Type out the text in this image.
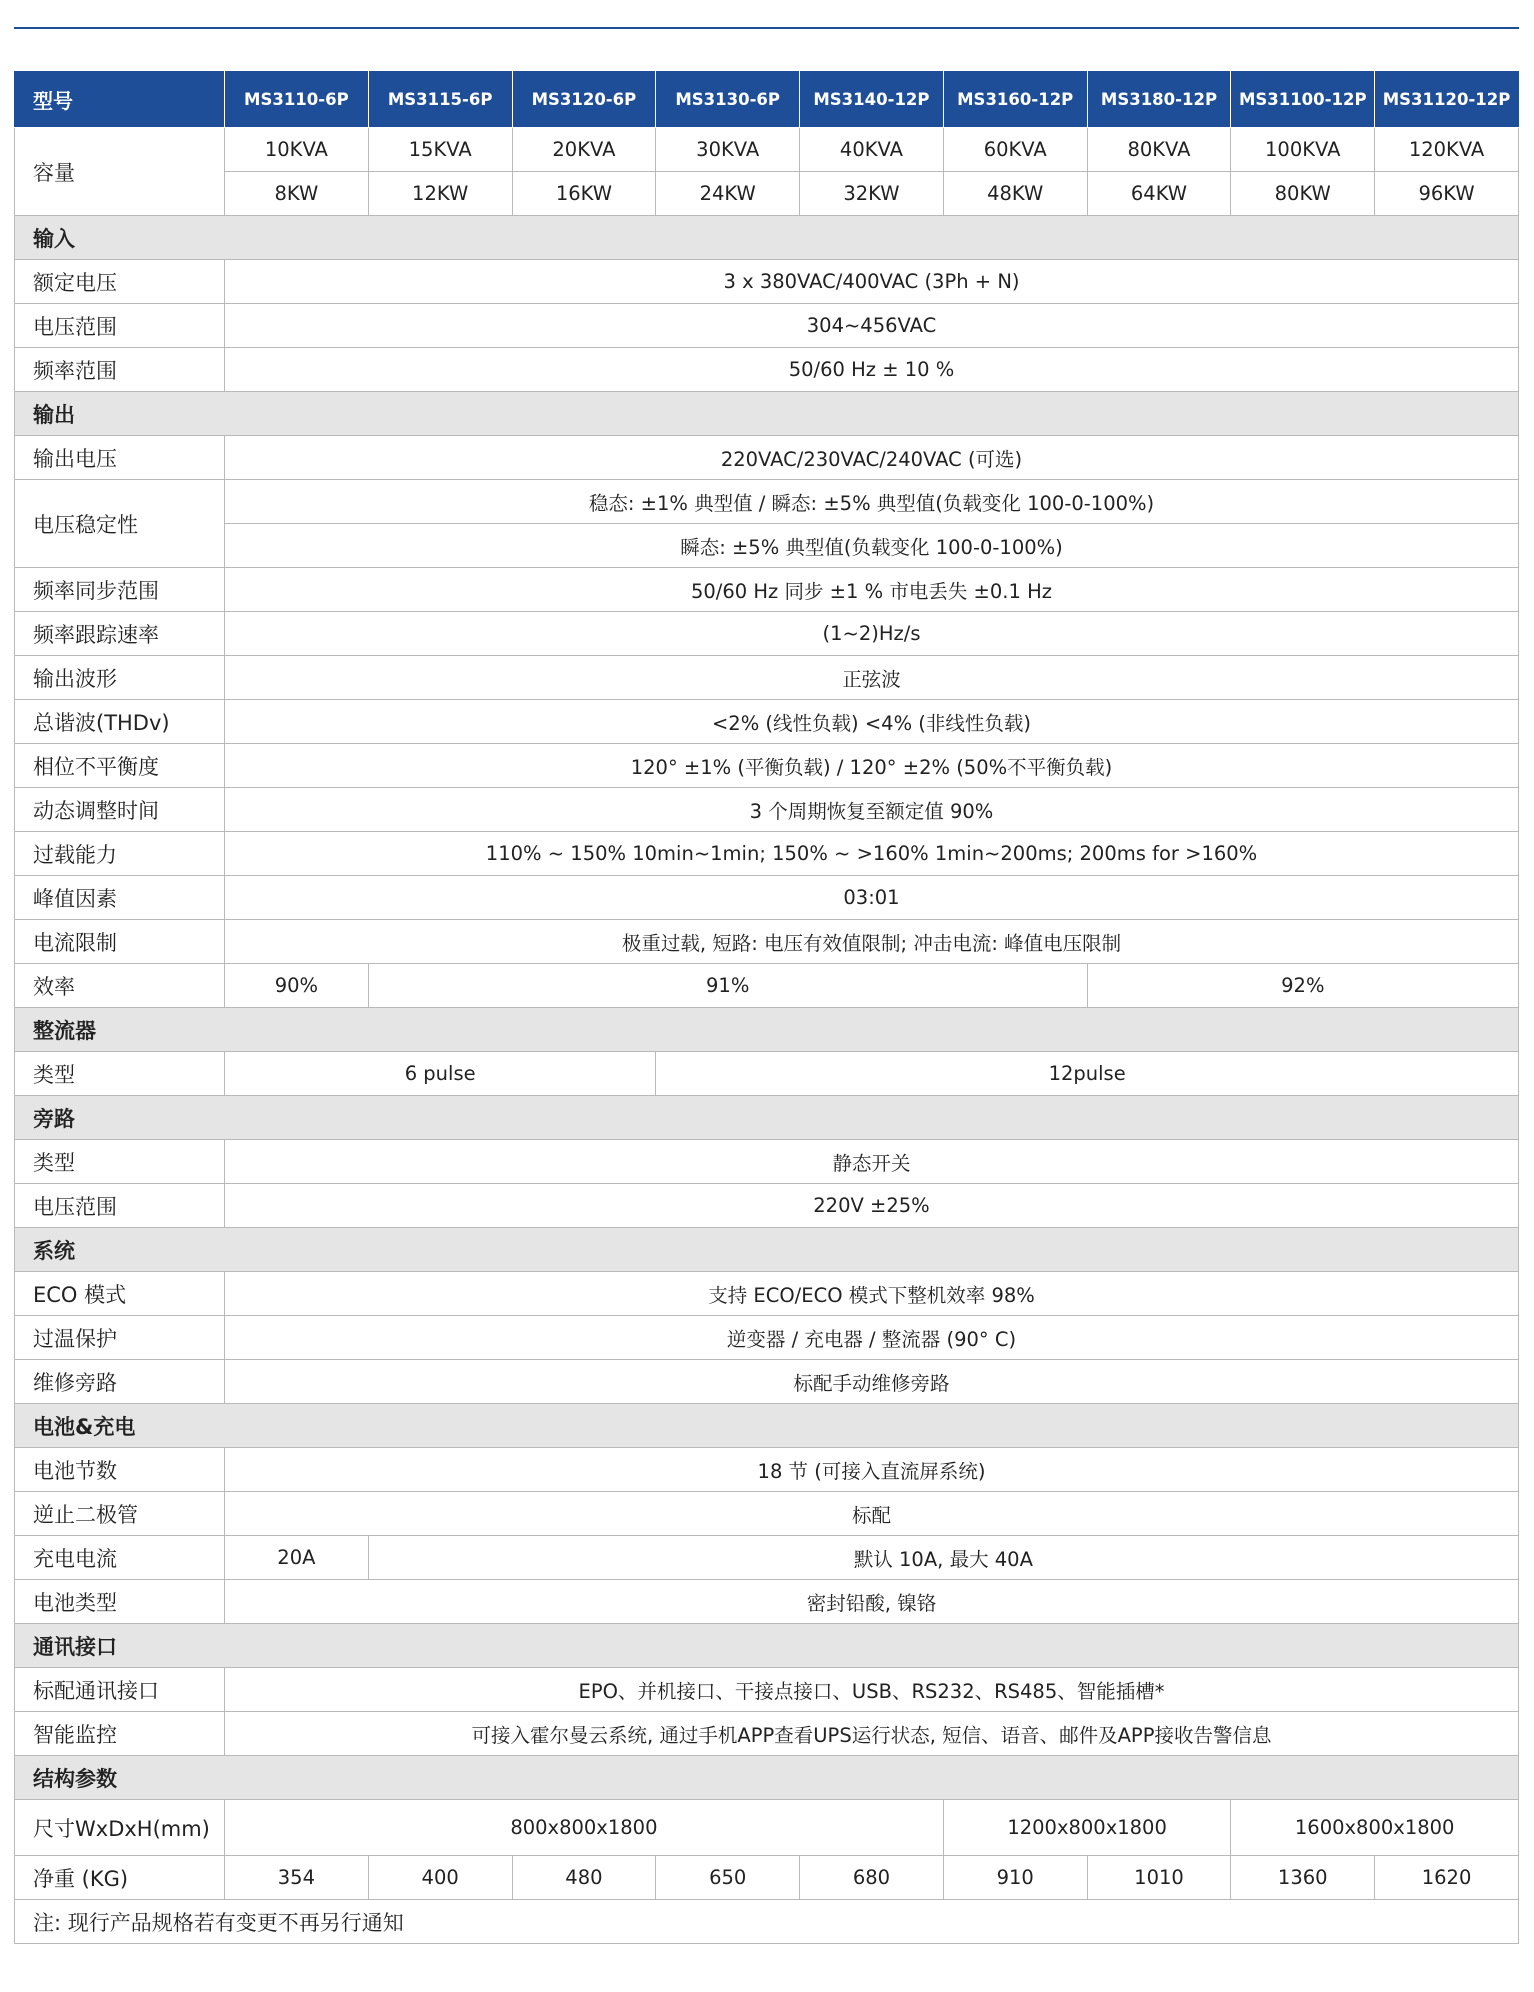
型号	MS3110-6P	MS3115-6P	MS3120-6P	MS3130-6P	MS3140-12P	MS3160-12P	MS3180-12P	MS31100-12P	MS31120-12P
容量	10KVA	15KVA	20KVA	30KVA	40KVA	60KVA	80KVA	100KVA	120KVA
	8KW	12KW	16KW	24KW	32KW	48KW	64KW	80KW	96KW
输入									
额定电压	3 x 380VAC/400VAC (3Ph + N)								
电压范围	304~456VAC								
频率范围	50/60 Hz ± 10 %								
输出									
输出电压	220VAC/230VAC/240VAC (可选)								
电压稳定性	稳态: ±1% 典型值 / 瞬态: ±5% 典型值(负载变化 100-0-100%)								
	瞬态: ±5% 典型值(负载变化 100-0-100%)								
频率同步范围	50/60 Hz 同步 ±1 % 市电丢失 ±0.1 Hz								
频率跟踪速率	(1~2)Hz/s								
输出波形	正弦波								
总谐波(THDv)	<2% (线性负载) <4% (非线性负载)								
相位不平衡度	120° ±1% (平衡负载) / 120° ±2% (50%不平衡负载)								
动态调整时间	3 个周期恢复至额定值 90%								
过载能力	110% ~ 150% 10min~1min; 150% ~ >160% 1min~200ms; 200ms for >160%								
峰值因素	03:01								
电流限制	极重过载, 短路: 电压有效值限制; 冲击电流: 峰值电压限制								
效率	90%	91%					92%		
整流器									
类型	6 pulse			12pulse					
旁路									
类型	静态开关								
电压范围	220V ±25%								
系统									
ECO 模式	支持 ECO/ECO 模式下整机效率 98%								
过温保护	逆变器 / 充电器 / 整流器 (90° C)								
维修旁路	标配手动维修旁路								
电池&充电									
电池节数	18 节 (可接入直流屏系统)								
逆止二极管	标配								
充电电流	20A	默认 10A, 最大 40A							
电池类型	密封铅酸, 镍铬								
通讯接口									
标配通讯接口	EPO、并机接口、干接点接口、USB、RS232、RS485、智能插槽*								
智能监控	可接入霍尔曼云系统, 通过手机APP查看UPS运行状态, 短信、语音、邮件及APP接收告警信息								
结构参数									
尺寸WxDxH(mm)	800x800x1800					1200x800x1800		1600x800x1800	
净重 (KG)	354	400	480	650	680	910	1010	1360	1620
注: 现行产品规格若有变更不再另行通知									
